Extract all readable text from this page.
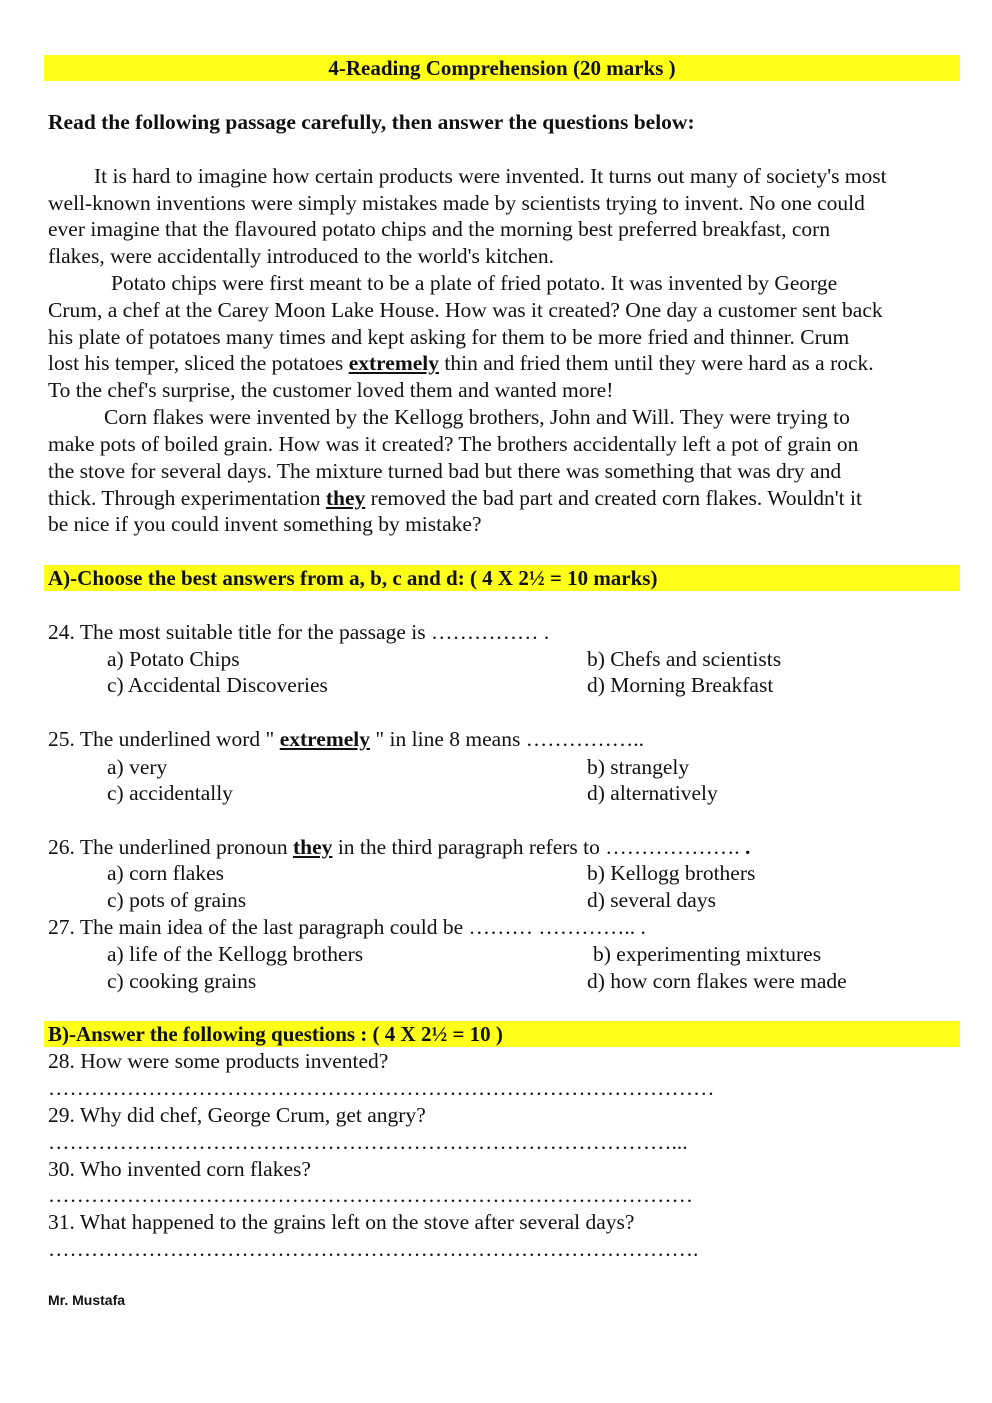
4-Reading Comprehension (20 marks )
Read the following passage carefully, then answer the questions below:
It is hard to imagine how certain products were invented. It turns out many of society's most
well-known inventions were simply mistakes made by scientists trying to invent. No one could
ever imagine that the flavoured potato chips and the morning best preferred breakfast, corn
flakes, were accidentally introduced to the world's kitchen.
Potato chips were first meant to be a plate of fried potato. It was invented by George
Crum, a chef at the Carey Moon Lake House. How was it created? One day a customer sent back
his plate of potatoes many times and kept asking for them to be more fried and thinner. Crum
lost his temper, sliced the potatoes extremely thin and fried them until they were hard as a rock.
To the chef's surprise, the customer loved them and wanted more!
Corn flakes were invented by the Kellogg brothers, John and Will. They were trying to
make pots of boiled grain. How was it created? The brothers accidentally left a pot of grain on
the stove for several days. The mixture turned bad but there was something that was dry and
thick. Through experimentation they removed the bad part and created corn flakes. Wouldn't it
be nice if you could invent something by mistake?
A)-Choose the best answers from a, b, c and d: ( 4 X 2½ = 10 marks)
24. The most suitable title for the passage is …………… .
a) Potato Chips	b) Chefs and scientists
c) Accidental Discoveries	d) Morning Breakfast
25. The underlined word " extremely " in line 8 means ……………..
a) very	b) strangely
c) accidentally	d) alternatively
26. The underlined pronoun they in the third paragraph refers to ………………. .
a) corn flakes	b) Kellogg brothers
c) pots of grains	d) several days
27. The main idea of the last paragraph could be ……… ………….. .
a) life of the Kellogg brothers	b) experimenting mixtures
c) cooking grains	d) how corn flakes were made
B)-Answer the following questions : ( 4 X 2½ = 10 )
28. How were some products invented?
…………………………………………………………………………………
29. Why did chef, George Crum, get angry?
……………………………………………………………………………...
30. Who invented corn flakes?
………………………………………………………………………………
31. What happened to the grains left on the stove after several days?
……………………………………………………………………………….
Mr. Mustafa
